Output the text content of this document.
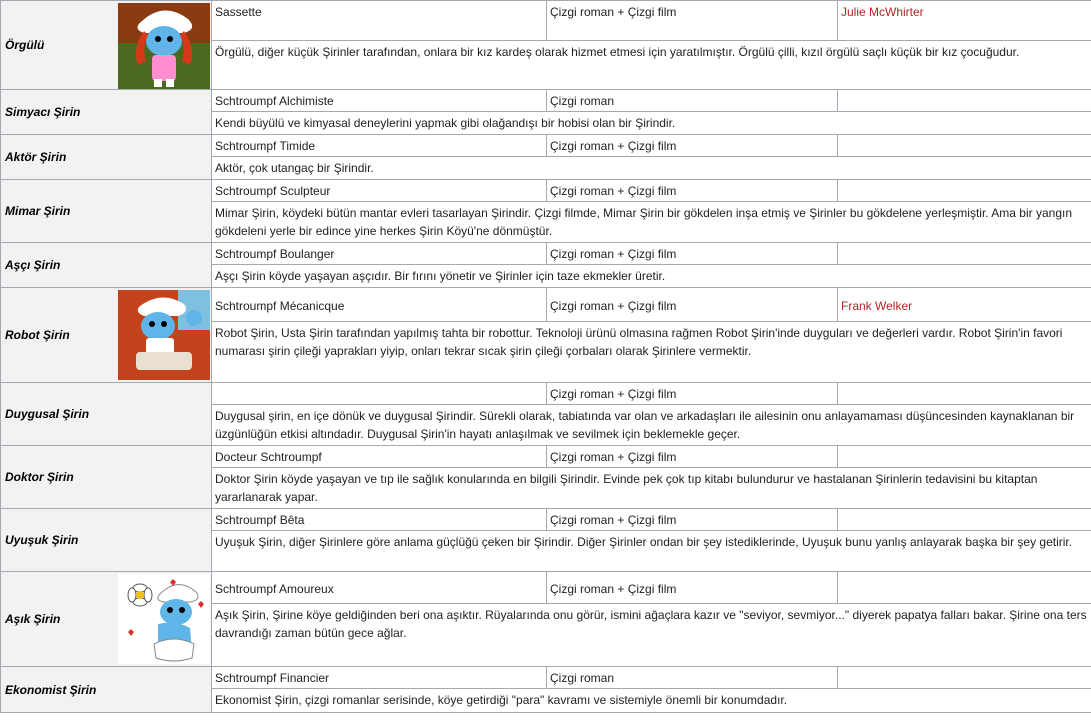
Örgülü	Sassette	Çizgi roman + Çizgi film	Julie McWhirter
	Örgülü, diğer küçük Şirinler tarafından, onlara bir kız kardeş olarak hizmet etmesi için yaratılmıştır. Örgülü çilli, kızıl örgülü saçlı küçük bir kız çocuğudur.		

Simyacı Şirin	Schtroumpf Alchimiste	Çizgi roman	
	Kendi büyülü ve kimyasal deneylerini yapmak gibi olağandışı bir hobisi olan bir Şirindir.		

Aktör Şirin	Schtroumpf Timide	Çizgi roman + Çizgi film	
	Aktör, çok utangaç bir Şirindir.		

Mimar Şirin	Schtroumpf Sculpteur	Çizgi roman + Çizgi film	
	Mimar Şirin, köydeki bütün mantar evleri tasarlayan Şirindir. Çizgi filmde, Mimar Şirin bir gökdelen inşa etmiş ve Şirinler bu gökdelene yerleşmiştir. Ama bir yangın gökdeleni yerle bir edince yine herkes Şirin Köyü'ne dönmüştür.		

Aşçı Şirin	Schtroumpf Boulanger	Çizgi roman + Çizgi film	
	Aşçı Şirin köyde yaşayan aşçıdır. Bir fırını yönetir ve Şirinler için taze ekmekler üretir.		

Robot Şirin	Schtroumpf Mécanicque	Çizgi roman + Çizgi film	Frank Welker
	Robot Şirin, Usta Şirin tarafından yapılmış tahta bir robottur. Teknoloji ürünü olmasına rağmen Robot Şirin'inde duyguları ve değerleri vardır. Robot Şirin'in favori numarası şirin çileği yaprakları yiyip, onları tekrar sıcak şirin çileği çorbaları olarak Şirinlere vermektir.		

Duygusal Şirin		Çizgi roman + Çizgi film	
	Duygusal şirin, en içe dönük ve duygusal Şirindir. Sürekli olarak, tabiatında var olan ve arkadaşları ile ailesinin onu anlayamaması düşüncesinden kaynaklanan bir üzgünlüğün etkisi altındadır. Duygusal Şirin'in hayatı anlaşılmak ve sevilmek için beklemekle geçer.		

Doktor Şirin	Docteur Schtroumpf	Çizgi roman + Çizgi film	
	Doktor Şirin köyde yaşayan ve tıp ile sağlık konularında en bilgili Şirindir. Evinde pek çok tıp kitabı bulundurur ve hastalanan Şirinlerin tedavisini bu kitaptan yararlanarak yapar.		

Uyuşuk Şirin	Schtroumpf Bêta	Çizgi roman + Çizgi film	
	Uyuşuk Şirin, diğer Şirinlere göre anlama güçlüğü çeken bir Şirindir. Diğer Şirinler ondan bir şey istediklerinde, Uyuşuk bunu yanlış anlayarak başka bir şey getirir.		

Aşık Şirin	Schtroumpf Amoureux	Çizgi roman + Çizgi film	
	Aşık Şirin, Şirine köye geldiğinden beri ona aşıktır. Rüyalarında onu görür, ismini ağaçlara kazır ve "seviyor, sevmiyor..." diyerek papatya falları bakar. Şirine ona ters davrandığı zaman bütün gece ağlar.		

Ekonomist Şirin	Schtroumpf Financier	Çizgi roman	
	Ekonomist Şirin, çizgi romanlar serisinde, köye getirdiği "para" kavramı ve sistemiyle önemli bir konumdadır.		
